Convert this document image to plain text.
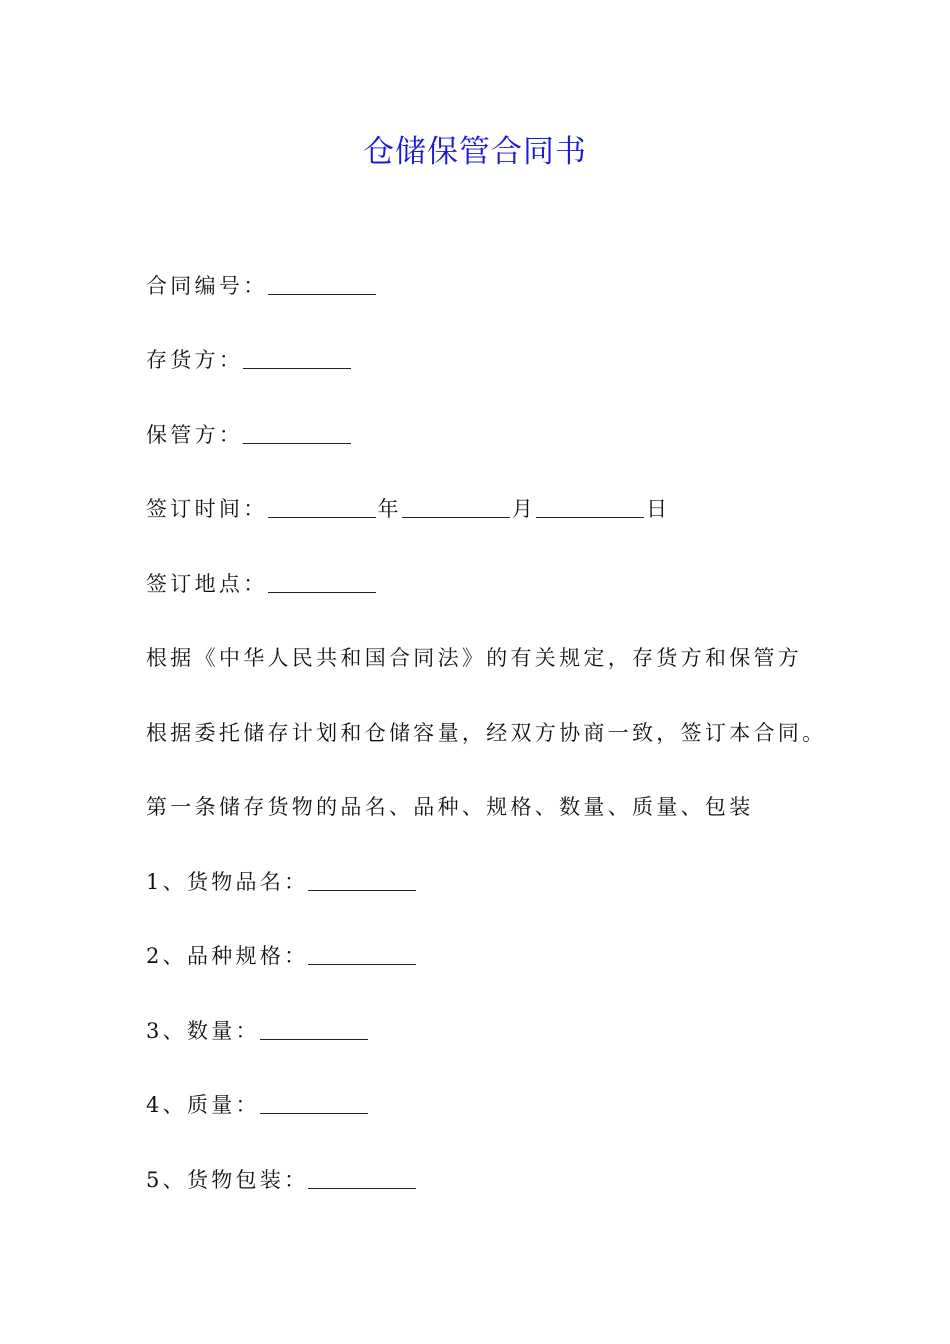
仓储保管合同书
合同编号：
存货方：
保管方：
签订时间：	年	月	日
签订地点：
根据《中华人民共和国合同法》的有关规定，存货方和保管方
根据委托储存计划和仓储容量，经双方协商一致，签订本合同。
第一条储存货物的品名、品种、规格、数量、质量、包装
1、货物品名：
2、品种规格：
3、数量：
4、质量：
5、货物包装：
